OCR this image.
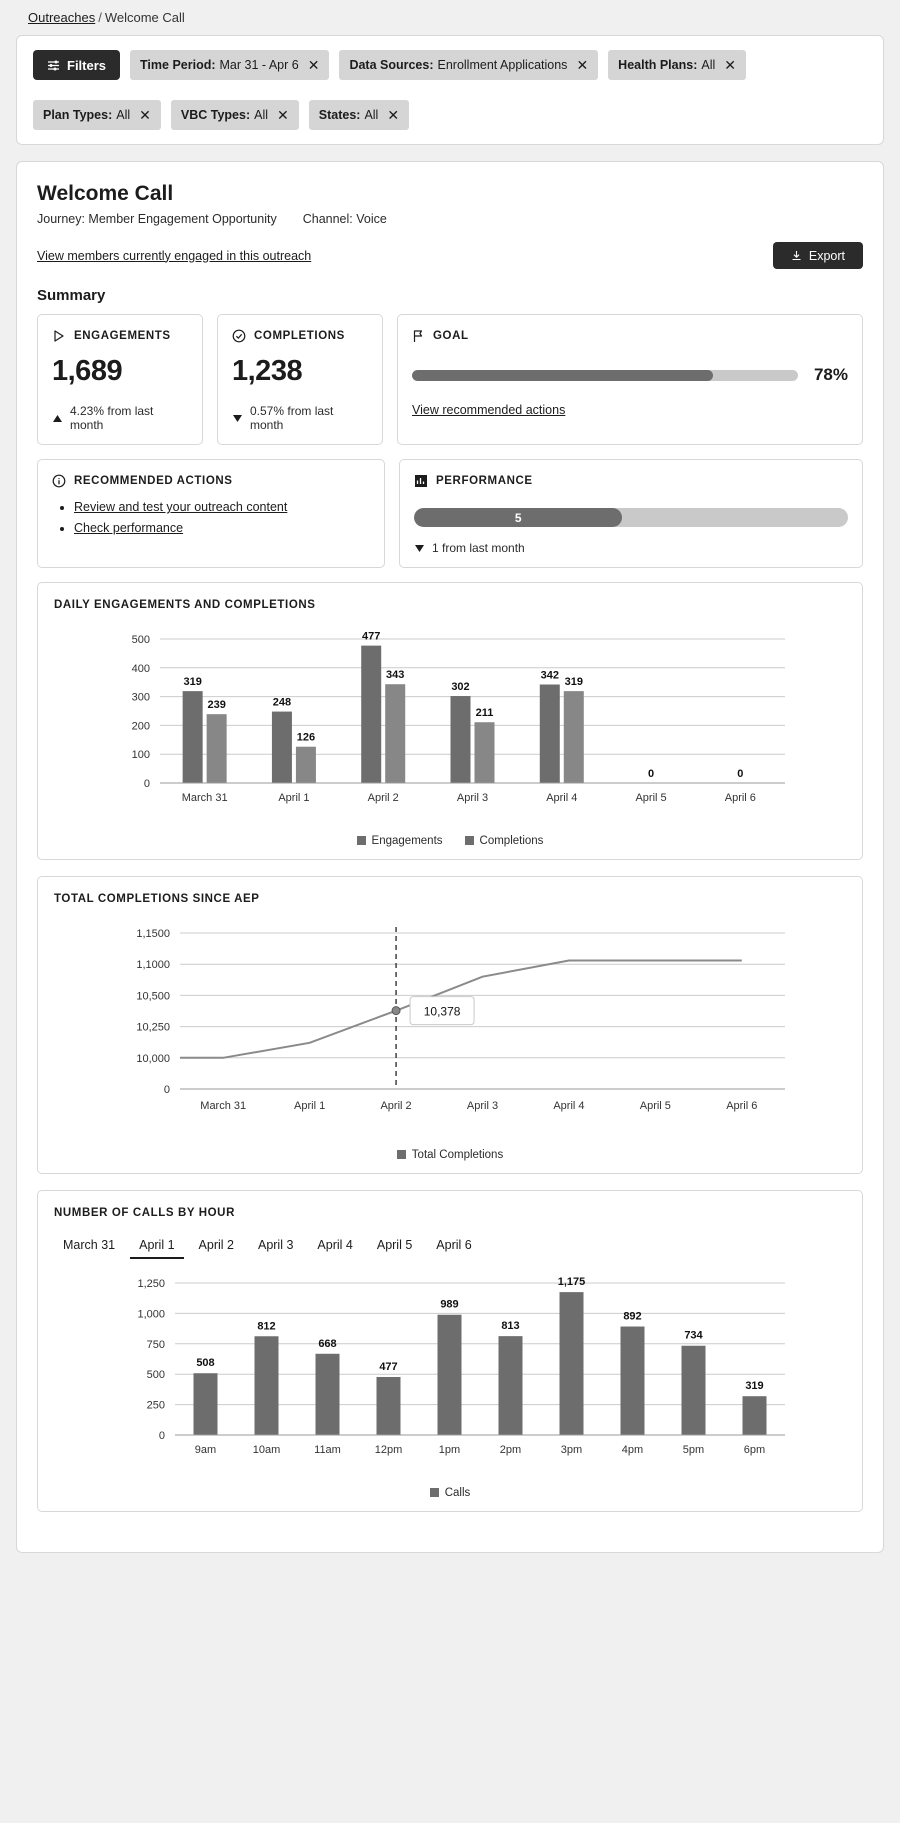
Outreaches / Welcome Call
Filters	Time Period: Mar 31 - Apr 6 ✕ Data Sources: Enrollment Applications ✕ Health Plans: All ✕
Plan Types: All ✕ VBC Types: All ✕ States: All ✕
Welcome Call
Journey: Member Engagement Opportunity Channel: Voice
View members currently engaged in this outreach	Export
Summary
ENGAGEMENTS
1,689
4.23% from last month
COMPLETIONS
1,238
0.57% from last month
GOAL
78%
View recommended actions
RECOMMENDED ACTIONS
• Review and test your outreach content
• Check performance
PERFORMANCE
5
1 from last month
DAILY ENGAGEMENTS AND COMPLETIONS
0
100
200
300
400
500
319
239
March 31
248
126
April 1
477
343
April 2
302
211
April 3
342
319
April 4
0
April 5
0
April 6
Engagements	Completions
TOTAL COMPLETIONS SINCE AEP
0
10,000
10,250
10,500
1,1000
1,1500
10,378
March 31	April 1	April 2	April 3	April 4	April 5	April 6
Total Completions
NUMBER OF CALLS BY HOUR
March 31	April 1	April 2	April 3	April 4	April 5	April 6
0
250
500
750
1,000
1,250
508
9am
812
10am
668
11am
477
12pm
989
1pm
813
2pm
1,175
3pm
892
4pm
734
5pm
319
6pm
Calls
